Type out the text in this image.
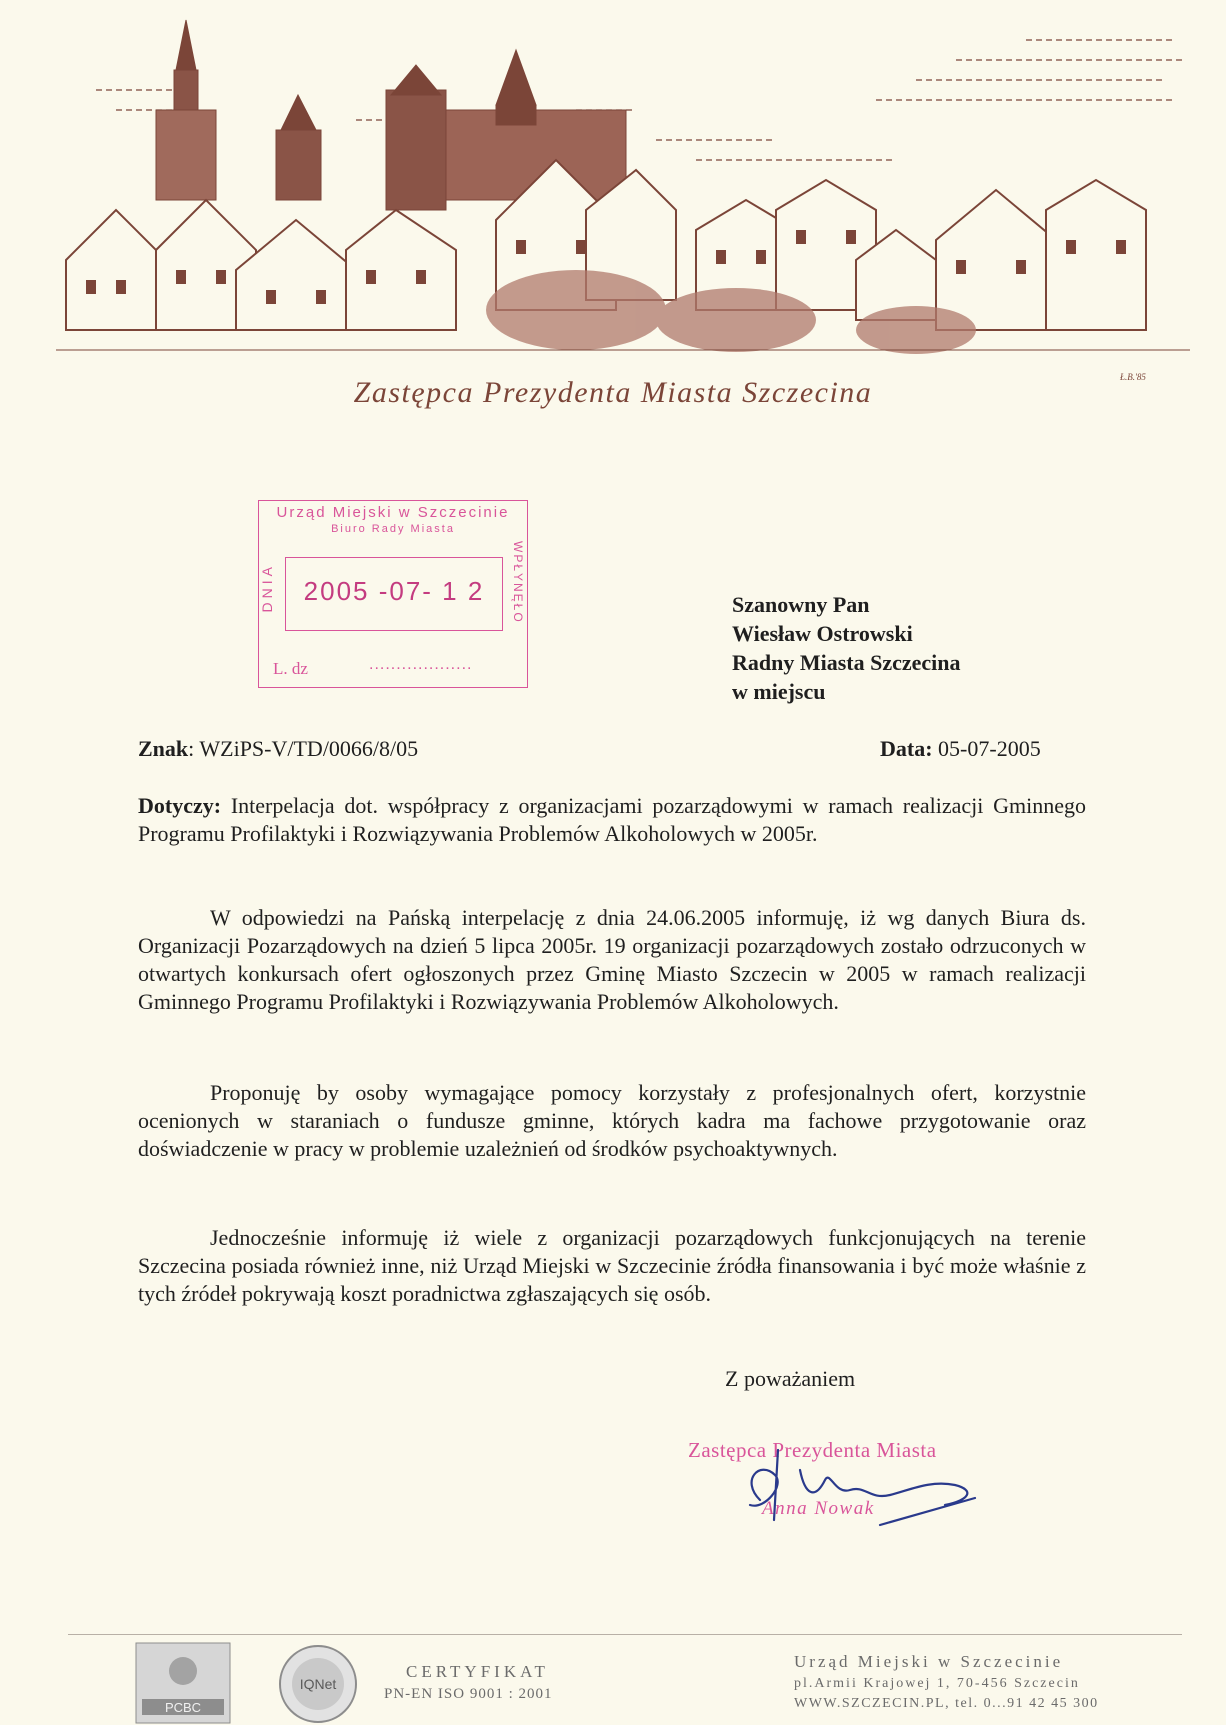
Zastępca Prezydenta Miasta Szczecina	Ł.B.'85
Urząd Miejski w Szczecinie
Biuro Rady Miasta
DNIA	WPŁYNĘŁO
2005 -07- 1 2
L. dz	...................
Szanowny Pan
Wiesław Ostrowski
Radny Miasta Szczecina
w miejscu
Znak: WZiPS-V/TD/0066/8/05	Data: 05-07-2005
Dotyczy: Interpelacja dot. współpracy z organizacjami pozarządowymi w ramach realizacji Gminnego Programu Profilaktyki i Rozwiązywania Problemów Alkoholowych w 2005r.
W odpowiedzi na Pańską interpelację z dnia 24.06.2005 informuję, iż wg danych Biura ds. Organizacji Pozarządowych na dzień 5 lipca 2005r. 19 organizacji pozarządowych zostało odrzuconych w otwartych konkursach ofert ogłoszonych przez Gminę Miasto Szczecin w 2005 w ramach realizacji Gminnego Programu Profilaktyki i Rozwiązywania Problemów Alkoholowych.
Proponuję by osoby wymagające pomocy korzystały z profesjonalnych ofert, korzystnie ocenionych w staraniach o fundusze gminne, których kadra ma fachowe przygotowanie oraz doświadczenie w pracy w problemie uzależnień od środków psychoaktywnych.
Jednocześnie informuję iż wiele z organizacji pozarządowych funkcjonujących na terenie Szczecina posiada również inne, niż Urząd Miejski w Szczecinie źródła finansowania i być może właśnie z tych źródeł pokrywają koszt poradnictwa zgłaszających się osób.
Z poważaniem
Zastępca Prezydenta Miasta
Anna Nowak
PCBC
IQNet
CERTYFIKAT
PN-EN ISO 9001 : 2001
Urząd Miejski w Szczecinie
pl.Armii Krajowej 1, 70-456 Szczecin
WWW.SZCZECIN.PL, tel. 0...91 42 45 300
